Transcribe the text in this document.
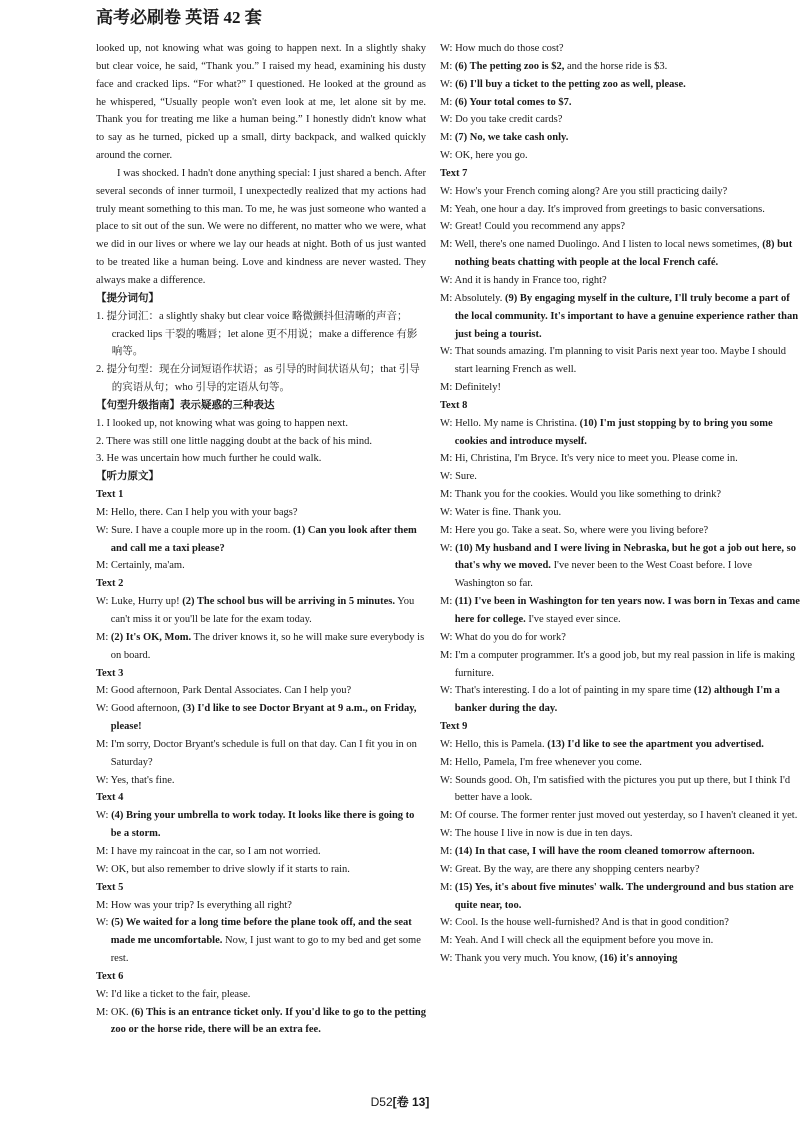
高考必刷卷 英语 42 套

looked up, not knowing what was going to happen next. In a slightly shaky but clear voice, he said, “Thank you.” I raised my head, examining his dusty face and cracked lips. “For what?” I questioned. He looked at the ground as he whispered, “Usually people won't even look at me, let alone sit by me. Thank you for treating me like a human being.” I honestly didn't know what to say as he turned, picked up a small, dirty backpack, and walked quickly around the corner.

I was shocked. I hadn't done anything special: I just shared a bench. After several seconds of inner turmoil, I unexpectedly realized that my actions had truly meant something to this man. To me, he was just someone who wanted a place to sit out of the sun. We were no different, no matter who we were, what we did in our lives or where we lay our heads at night. Both of us just wanted to be treated like a human being. Love and kindness are never wasted. They always make a difference.

【提分词句】

1. 提分词汇：a slightly shaky but clear voice 略微颤抖但清晰的声音；cracked lips 干裂的嘴唇；let alone 更不用说；make a difference 有影响等。

2. 提分句型：现在分词短语作状语；as 引导的时间状语从句；that 引导的宾语从句；who 引导的定语从句等。

【句型升级指南】表示疑惑的三种表达

1. I looked up, not knowing what was going to happen next.

2. There was still one little nagging doubt at the back of his mind.

3. He was uncertain how much further he could walk.

【听力原文】

Text 1

M: Hello, there. Can I help you with your bags?

W: Sure. I have a couple more up in the room. (1) Can you look after them and call me a taxi please?

M: Certainly, ma'am.

Text 2

W: Luke, Hurry up! (2) The school bus will be arriving in 5 minutes. You can't miss it or you'll be late for the exam today.

M: (2) It's OK, Mom. The driver knows it, so he will make sure everybody is on board.

Text 3

M: Good afternoon, Park Dental Associates. Can I help you?

W: Good afternoon, (3) I'd like to see Doctor Bryant at 9 a.m., on Friday, please!

M: I'm sorry, Doctor Bryant's schedule is full on that day. Can I fit you in on Saturday?

W: Yes, that's fine.

Text 4

W: (4) Bring your umbrella to work today. It looks like there is going to be a storm.

M: I have my raincoat in the car, so I am not worried.

W: OK, but also remember to drive slowly if it starts to rain.

Text 5

M: How was your trip? Is everything all right?

W: (5) We waited for a long time before the plane took off, and the seat made me uncomfortable. Now, I just want to go to my bed and get some rest.

Text 6

W: I'd like a ticket to the fair, please.

M: OK. (6) This is an entrance ticket only. If you'd like to go to the petting zoo or the horse ride, there will be an extra fee.

W: How much do those cost?

M: (6) The petting zoo is $2, and the horse ride is $3.

W: (6) I'll buy a ticket to the petting zoo as well, please.

M: (6) Your total comes to $7.

W: Do you take credit cards?

M: (7) No, we take cash only.

W: OK, here you go.

Text 7

W: How's your French coming along? Are you still practicing daily?

M: Yeah, one hour a day. It's improved from greetings to basic conversations.

W: Great! Could you recommend any apps?

M: Well, there's one named Duolingo. And I listen to local news sometimes, (8) but nothing beats chatting with people at the local French café.

W: And it is handy in France too, right?

M: Absolutely. (9) By engaging myself in the culture, I'll truly become a part of the local community. It's important to have a genuine experience rather than just being a tourist.

W: That sounds amazing. I'm planning to visit Paris next year too. Maybe I should start learning French as well.

M: Definitely!

Text 8

W: Hello. My name is Christina. (10) I'm just stopping by to bring you some cookies and introduce myself.

M: Hi, Christina, I'm Bryce. It's very nice to meet you. Please come in.

W: Sure.

M: Thank you for the cookies. Would you like something to drink?

W: Water is fine. Thank you.

M: Here you go. Take a seat. So, where were you living before?

W: (10) My husband and I were living in Nebraska, but he got a job out here, so that's why we moved. I've never been to the West Coast before. I love Washington so far.

M: (11) I've been in Washington for ten years now. I was born in Texas and came here for college. I've stayed ever since.

W: What do you do for work?

M: I'm a computer programmer. It's a good job, but my real passion in life is making furniture.

W: That's interesting. I do a lot of painting in my spare time (12) although I'm a banker during the day.

Text 9

W: Hello, this is Pamela. (13) I'd like to see the apartment you advertised.

M: Hello, Pamela, I'm free whenever you come.

W: Sounds good. Oh, I'm satisfied with the pictures you put up there, but I think I'd better have a look.

M: Of course. The former renter just moved out yesterday, so I haven't cleaned it yet.

W: The house I live in now is due in ten days.

M: (14) In that case, I will have the room cleaned tomorrow afternoon.

W: Great. By the way, are there any shopping centers nearby?

M: (15) Yes, it's about five minutes' walk. The underground and bus station are quite near, too.

W: Cool. Is the house well-furnished? And is that in good condition?

M: Yeah. And I will check all the equipment before you move in.

W: Thank you very much. You know, (16) it's annoying

D52[卷 13]
